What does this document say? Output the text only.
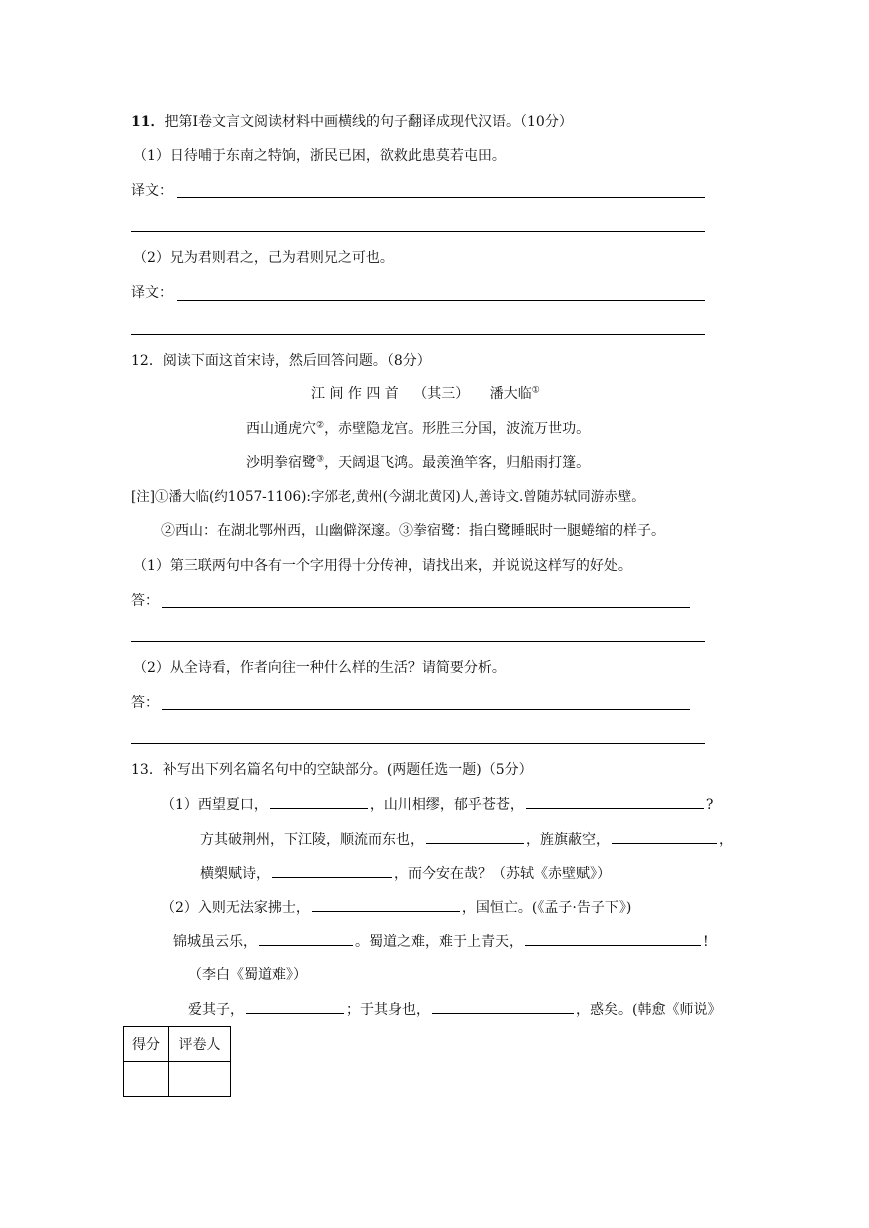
11．把第Ⅰ卷文言文阅读材料中画横线的句子翻译成现代汉语。（10分）
（1）日待哺于东南之特饷，浙民已困，欲救此患莫若屯田。
译文：
（2）兄为君则君之，己为君则兄之可也。
译文：
12．阅读下面这首宋诗，然后回答问题。（8分）
江 间 作 四 首 （其三） 潘大临①
西山通虎穴②，赤壁隐龙宫。形胜三分国，波流万世功。
沙明拳宿鹭③，天阔退飞鸿。最羡渔竿客，归船雨打篷。
[注]①潘大临(约1057-1106):字邠老,黄州(今湖北黄冈)人,善诗文.曾随苏轼同游赤壁。
②西山：在湖北鄂州西，山幽僻深邃。③拳宿鹭：指白鹭睡眠时一腿蜷缩的样子。
（1）第三联两句中各有一个字用得十分传神，请找出来，并说说这样写的好处。
答：
（2）从全诗看，作者向往一种什么样的生活？请简要分析。
答：
13．补写出下列名篇名句中的空缺部分。(两题任选一题)（5分）
（1）西望夏口，	，山川相缪，郁乎苍苍，	?
方其破荆州，下江陵，顺流而东也，	，旌旗蔽空，	，
横槊赋诗，	，而今安在哉？（苏轼《赤壁赋》）
（2）入则无法家拂士，	，国恒亡。(《孟子·告子下》)
锦城虽云乐，	。蜀道之难，难于上青天，	!
（李白《蜀道难》）
爱其子，	；于其身也，	，惑矣。(韩愈《师说》
得分	评卷人
